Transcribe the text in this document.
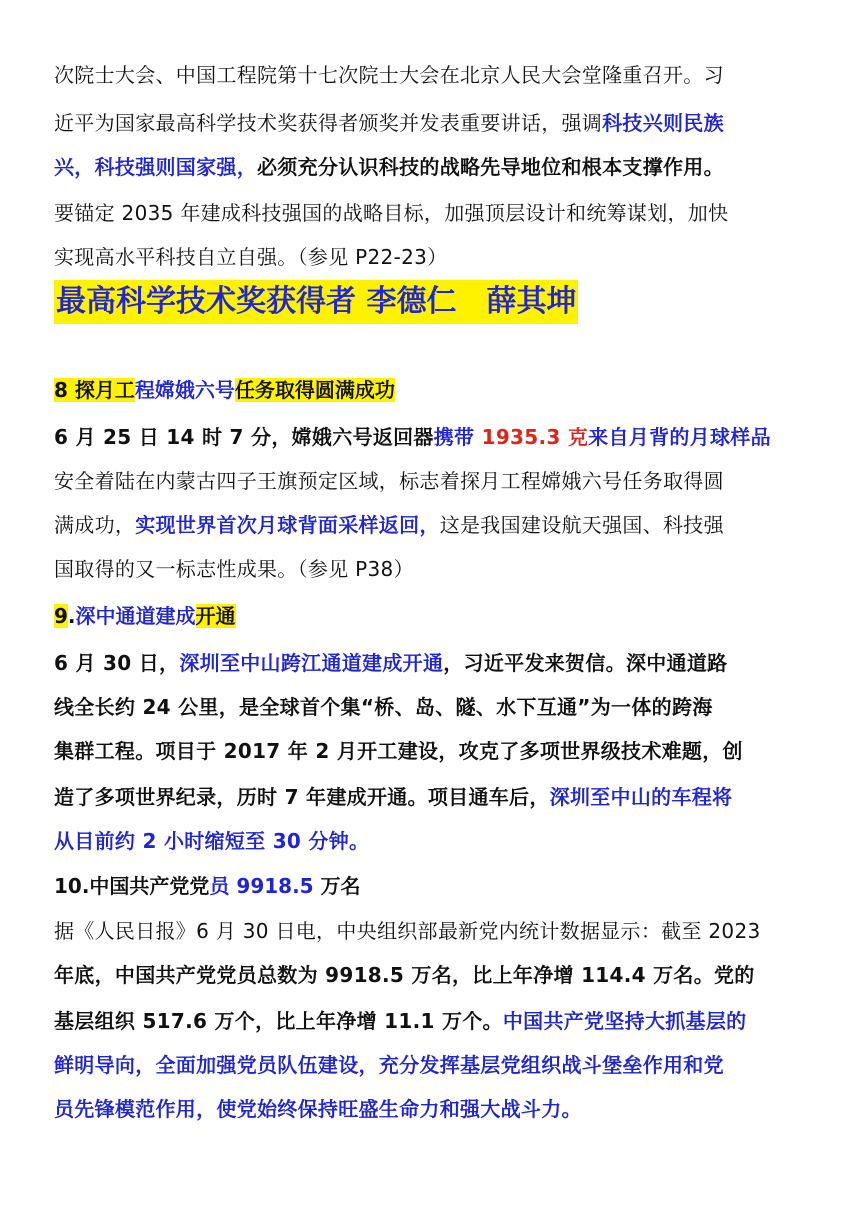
次院士大会、中国工程院第十七次院士大会在北京人民大会堂隆重召开。习
近平为国家最高科学技术奖获得者颁奖并发表重要讲话，强调科技兴则民族
兴，科技强则国家强，必须充分认识科技的战略先导地位和根本支撑作用。
要锚定 2035 年建成科技强国的战略目标，加强顶层设计和统筹谋划，加快
实现高水平科技自立自强。（参见 P22-23）
最高科学技术奖获得者 李德仁　薛其坤
8 探月工程嫦娥六号任务取得圆满成功
6 月 25 日 14 时 7 分，嫦娥六号返回器携带 1935.3 克来自月背的月球样品
安全着陆在内蒙古四子王旗预定区域，标志着探月工程嫦娥六号任务取得圆
满成功，实现世界首次月球背面采样返回，这是我国建设航天强国、科技强
国取得的又一标志性成果。（参见 P38）
9.深中通道建成开通
6 月 30 日，深圳至中山跨江通道建成开通，习近平发来贺信。深中通道路
线全长约 24 公里，是全球首个集“桥、岛、隧、水下互通”为一体的跨海
集群工程。项目于 2017 年 2 月开工建设，攻克了多项世界级技术难题，创
造了多项世界纪录，历时 7 年建成开通。项目通车后，深圳至中山的车程将
从目前约 2 小时缩短至 30 分钟。
10.中国共产党党员 9918.5 万名
据《人民日报》6 月 30 日电，中央组织部最新党内统计数据显示：截至 2023
年底，中国共产党党员总数为 9918.5 万名，比上年净增 114.4 万名。党的
基层组织 517.6 万个，比上年净增 11.1 万个。中国共产党坚持大抓基层的
鲜明导向，全面加强党员队伍建设，充分发挥基层党组织战斗堡垒作用和党
员先锋模范作用，使党始终保持旺盛生命力和强大战斗力。
